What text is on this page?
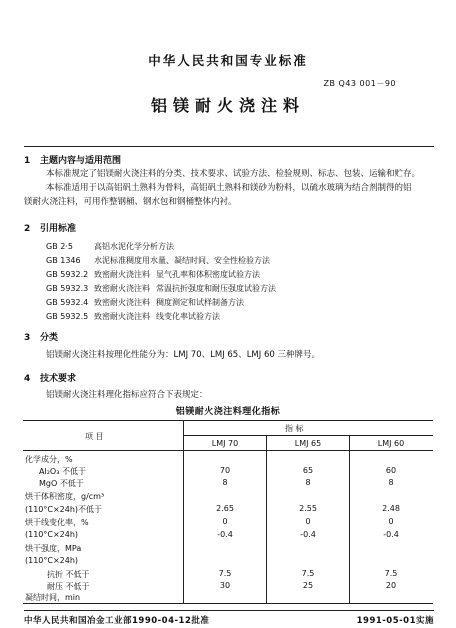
中华人民共和国专业标准
ZB Q43 001－90
铝镁耐火浇注料
1 主题内容与适用范围
本标准规定了铝镁耐火浇注料的分类、技术要求、试验方法、检验规则、标志、包装、运输和贮存。
本标准适用于以高铝矾土熟料为骨料，高铝矾土熟料和镁砂为粉料，以硫水玻璃为结合剂制得的铝
镁耐火浇注料，可用作整钢桶、钢水包和钢桶整体内衬。
2 引用标准
GB 2·5	高铝水泥化学分析方法
GB 1346 水泥标准稠度用水量、凝结时间、安全性检验方法
GB 5932.2 致密耐火浇注料 显气孔率和体积密度试验方法
GB 5932.3 致密耐火浇注料 常温抗折强度和耐压强度试验方法
GB 5932.4 致密耐火浇注料 稠度测定和试样制备方法
GB 5932.5 致密耐火浇注料 线变化率试验方法
3 分类
铝镁耐火浇注料按理化性能分为：LMJ 70、LMJ 65、LMJ 60 三种牌号。
4 技术要求
铝镁耐火浇注料理化指标应符合下表规定：
铝镁耐火浇注料理化指标
项 目
指 标
LMJ 70	LMJ 65	LMJ 60
化学成分，%
Al₂O₃ 不低于	70	65	60
MgO 不低于	8	8	8
烘干体积密度，g/cm³
(110°C×24h)不低于	2.65	2.55	2.48
烘干线变化率，%	0	0	0
(110°C×24h)	-0.4	-0.4	-0.4
烘干强度，MPa
(110°C×24h)
抗折 不低于	7.5	7.5	7.5
耐压 不低于	30	25	20
凝结时间，min
中华人民共和国冶金工业部1990-04-12批准	1991-05-01实施
